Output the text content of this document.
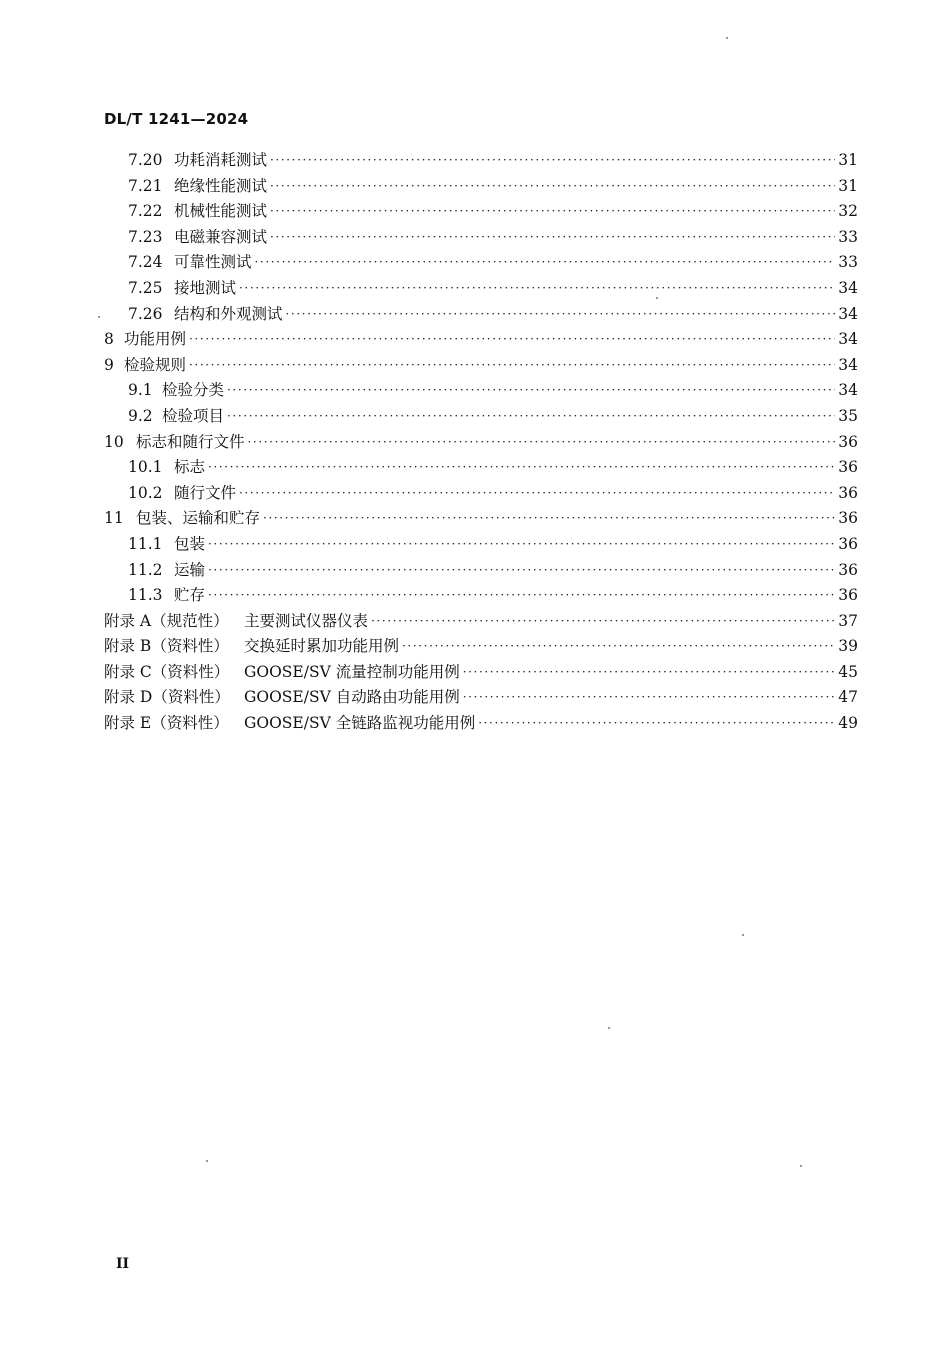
DL/T 1241—2024
7.20 功耗消耗测试 ·····	31
7.21 绝缘性能测试 ·····	31
7.22 机械性能测试 ·····	32
7.23 电磁兼容测试 ·····	33
7.24 可靠性测试 ·····	33
7.25 接地测试 ·····	34
7.26 结构和外观测试 ·····	34
8 功能用例 ·····	34
9 检验规则 ·····	34
9.1 检验分类 ·····	34
9.2 检验项目 ·····	35
10 标志和随行文件 ·····	36
10.1 标志 ·····	36
10.2 随行文件 ·····	36
11 包装、运输和贮存 ·····	36
11.1 包装 ·····	36
11.2 运输 ·····	36
11.3 贮存 ·····	36
附录 A（规范性） 主要测试仪器仪表 ·····	37
附录 B（资料性） 交换延时累加功能用例 ·····	39
附录 C（资料性） GOOSE/SV 流量控制功能用例 ·····	45
附录 D（资料性） GOOSE/SV 自动路由功能用例 ·····	47
附录 E（资料性） GOOSE/SV 全链路监视功能用例 ·····	49
II
